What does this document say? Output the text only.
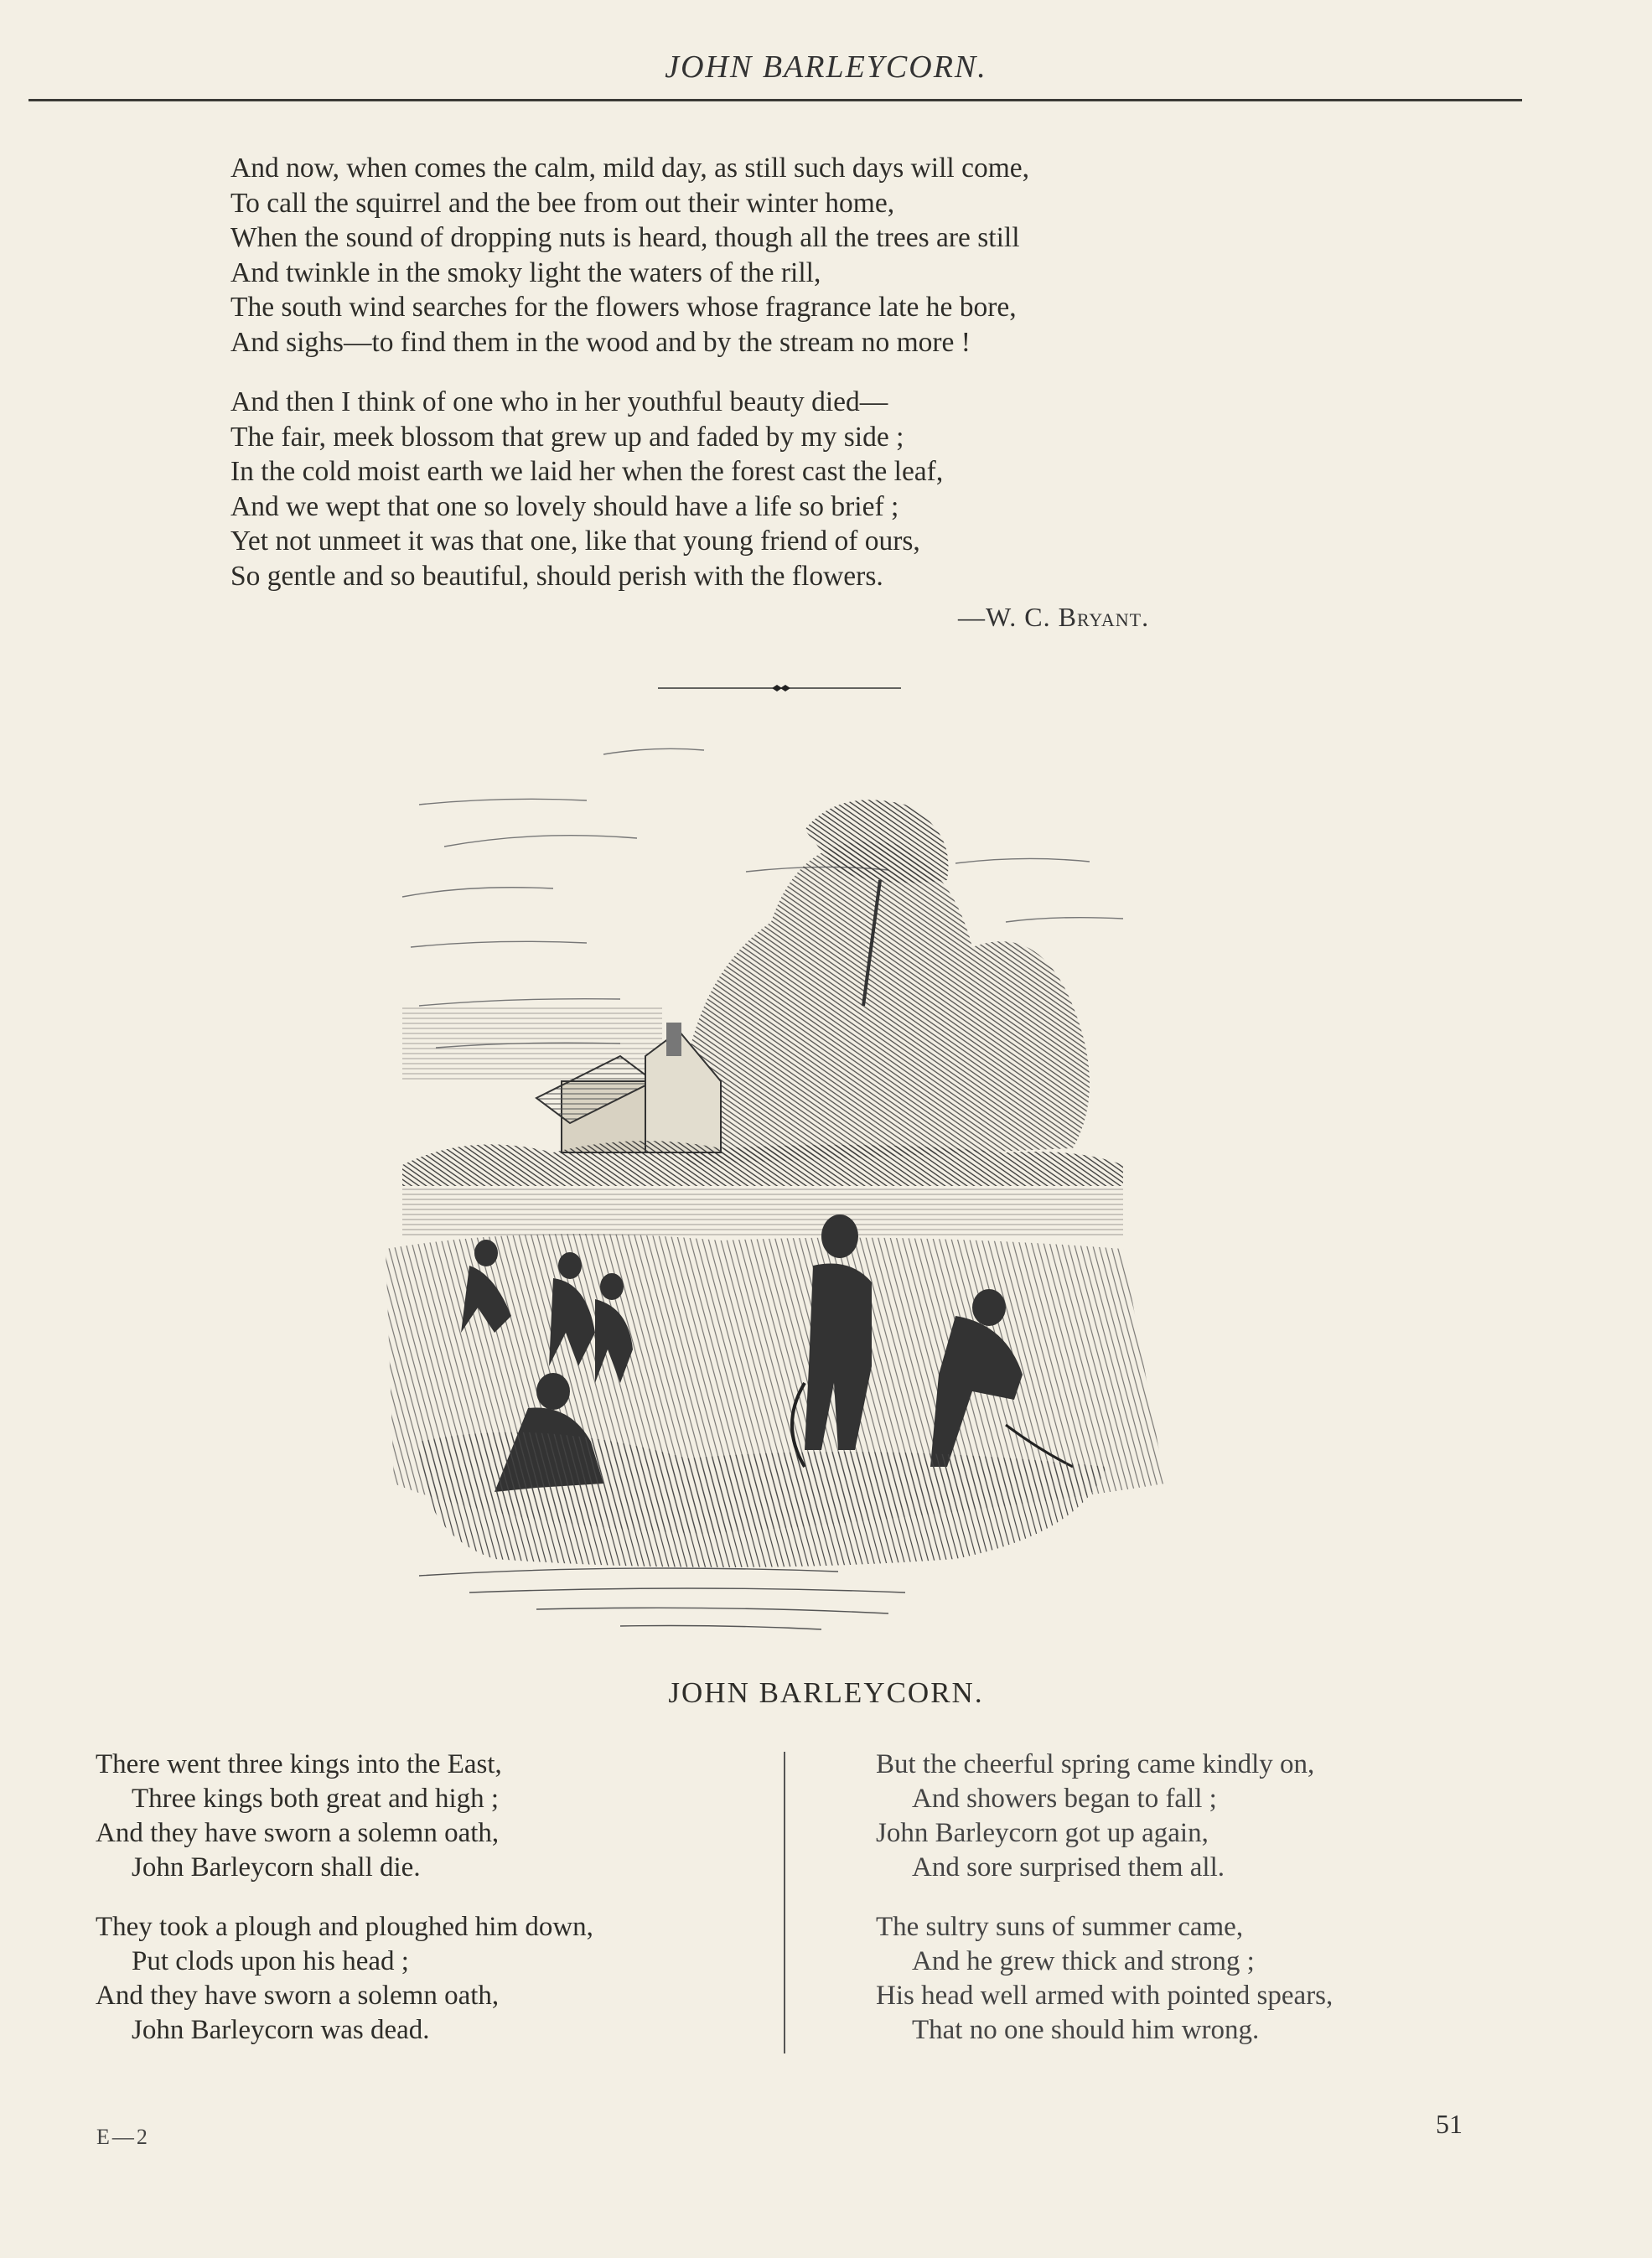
JOHN BARLEYCORN.
And now, when comes the calm, mild day, as still such days will come,
To call the squirrel and the bee from out their winter home,
When the sound of dropping nuts is heard, though all the trees are still
And twinkle in the smoky light the waters of the rill,
The south wind searches for the flowers whose fragrance late he bore,
And sighs—to find them in the wood and by the stream no more !
And then I think of one who in her youthful beauty died—
The fair, meek blossom that grew up and faded by my side ;
In the cold moist earth we laid her when the forest cast the leaf,
And we wept that one so lovely should have a life so brief ;
Yet not unmeet it was that one, like that young friend of ours,
So gentle and so beautiful, should perish with the flowers.
—W. C. Bryant.
JOHN BARLEYCORN.
There went three kings into the East,
Three kings both great and high ;
And they have sworn a solemn oath,
John Barleycorn shall die.
They took a plough and ploughed him down,
Put clods upon his head ;
And they have sworn a solemn oath,
John Barleycorn was dead.
But the cheerful spring came kindly on,
And showers began to fall ;
John Barleycorn got up again,
And sore surprised them all.
The sultry suns of summer came,
And he grew thick and strong ;
His head well armed with pointed spears,
That no one should him wrong.
E—2	51
